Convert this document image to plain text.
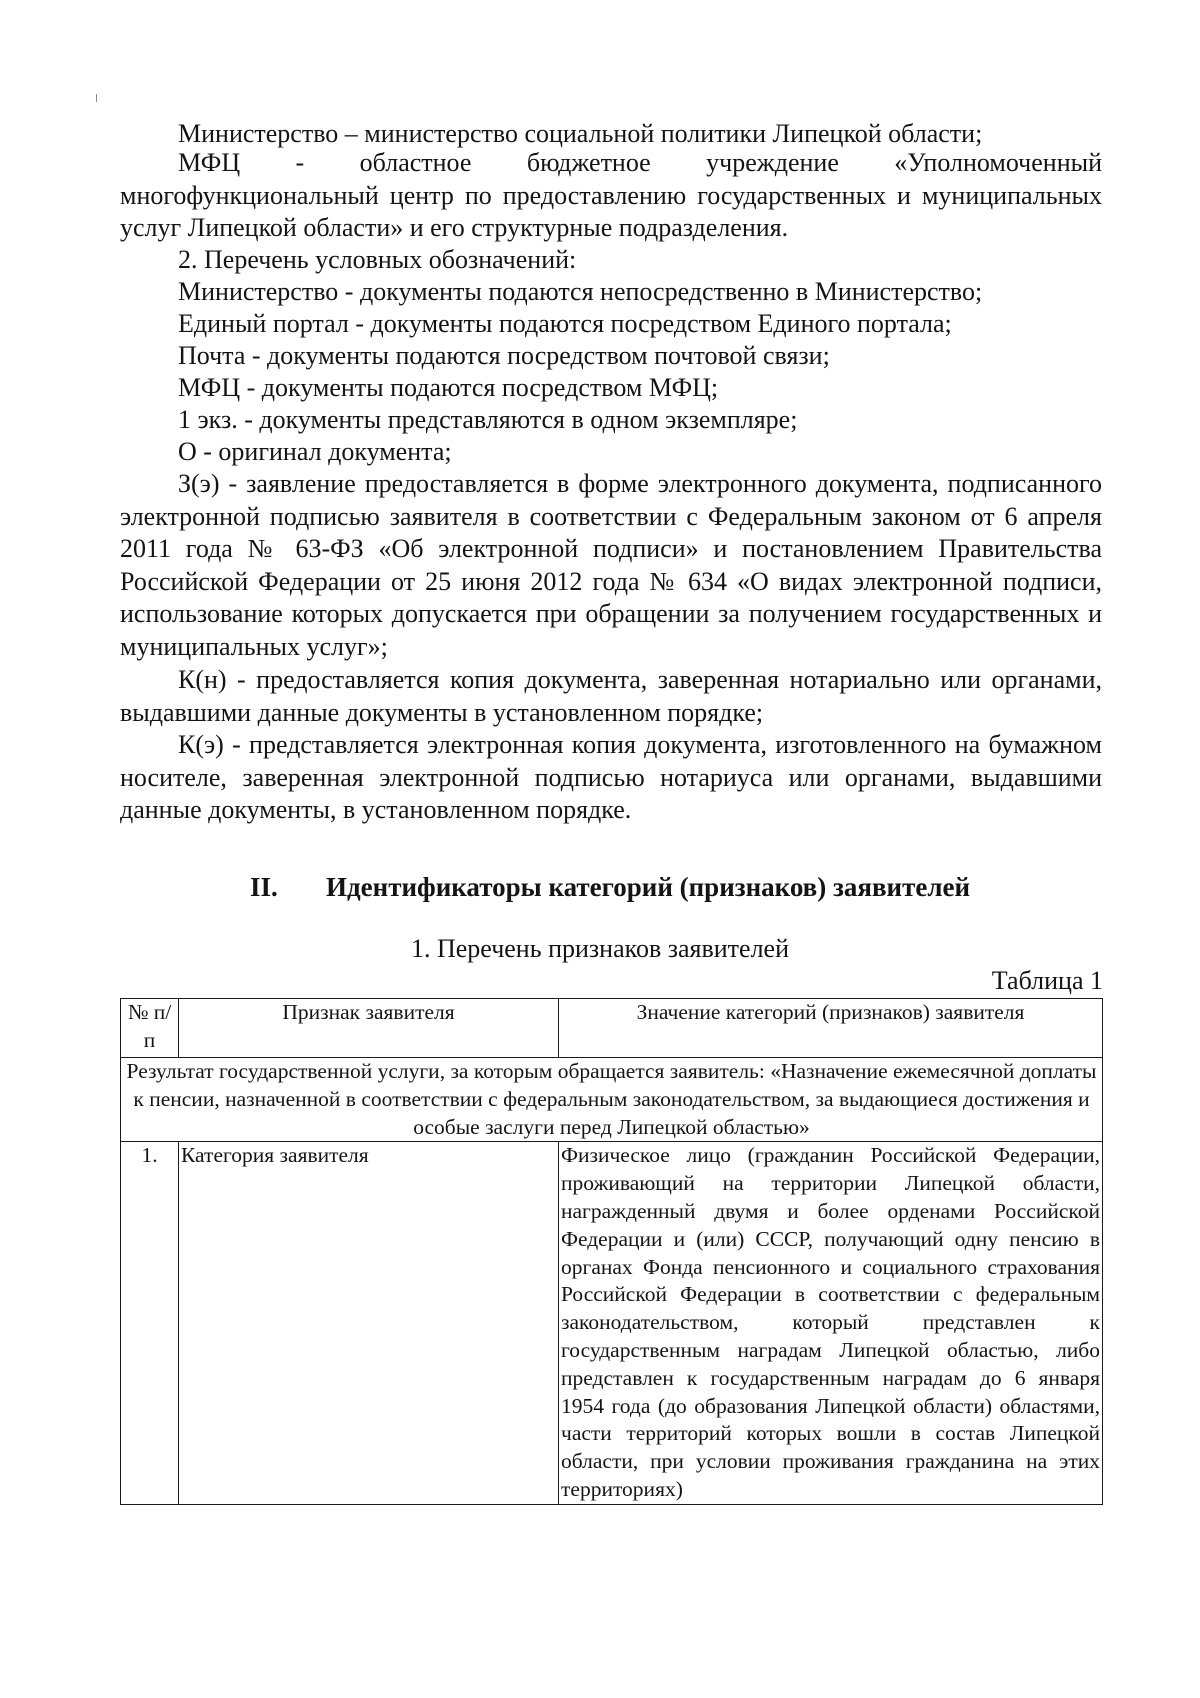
Министерство – министерство социальной политики Липецкой области;

МФЦ - областное бюджетное учреждение «Уполномоченный многофункциональный центр по предоставлению государственных и муниципальных услуг Липецкой области» и его структурные подразделения.

2. Перечень условных обозначений:

Министерство - документы подаются непосредственно в Министерство;

Единый портал - документы подаются посредством Единого портала;

Почта - документы подаются посредством почтовой связи;

МФЦ - документы подаются посредством МФЦ;

1 экз. - документы представляются в одном экземпляре;

О - оригинал документа;

З(э) - заявление предоставляется в форме электронного документа, подписанного электронной подписью заявителя в соответствии с Федеральным законом от 6 апреля 2011 года № 63-ФЗ «Об электронной подписи» и постановлением Правительства Российской Федерации от 25 июня 2012 года № 634 «О видах электронной подписи, использование которых допускается при обращении за получением государственных и муниципальных услуг»;

К(н) - предоставляется копия документа, заверенная нотариально или органами, выдавшими данные документы в установленном порядке;

К(э) - представляется электронная копия документа, изготовленного на бумажном носителе, заверенная электронной подписью нотариуса или органами, выдавшими данные документы, в установленном порядке.

II. Идентификаторы категорий (признаков) заявителей
1. Перечень признаков заявителей
Таблица 1
№ п/п	Признак заявителя	Значение категорий (признаков) заявителя
Результат государственной услуги, за которым обращается заявитель: «Назначение ежемесячной доплаты к пенсии, назначенной в соответствии с федеральным законодательством, за выдающиеся достижения и особые заслуги перед Липецкой областью»		
1.	Категория заявителя	Физическое лицо (гражданин Российской Федерации, проживающий на территории Липецкой области, награжденный двумя и более орденами Российской Федерации и (или) СССР, получающий одну пенсию в органах Фонда пенсионного и социального страхования Российской Федерации в соответствии с федеральным законодательством, который представлен к государственным наградам Липецкой областью, либо представлен к государственным наградам до 6 января 1954 года (до образования Липецкой области) областями, части территорий которых вошли в состав Липецкой области, при условии проживания гражданина на этих территориях)
